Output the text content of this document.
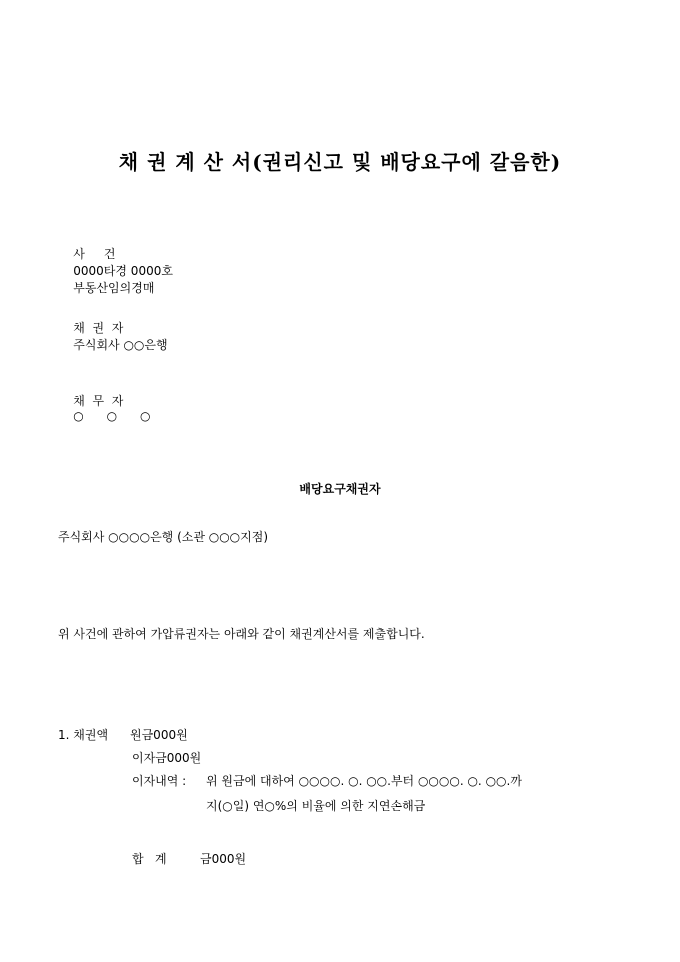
채 권 계 산 서(권리신고 및 배당요구에 갈음한)

사     건
0000타경 0000호
부동산임의경매

채  권  자
주식회사 ○○은행

채  무  자
○      ○      ○

배당요구채권자
주식회사 ○○○○은행 (소관 ○○○지점)
위 사건에 관하여 가압류권자는 아래와 같이 채권계산서를 제출합니다.
1. 채권액 원금000원
이자금000원
이자내역 : 위 원금에 대하여 ○○○○. ○. ○○.부터 ○○○○. ○. ○○.까
지(○일) 연○%의 비율에 의한 지연손해금
합   계	금000원
